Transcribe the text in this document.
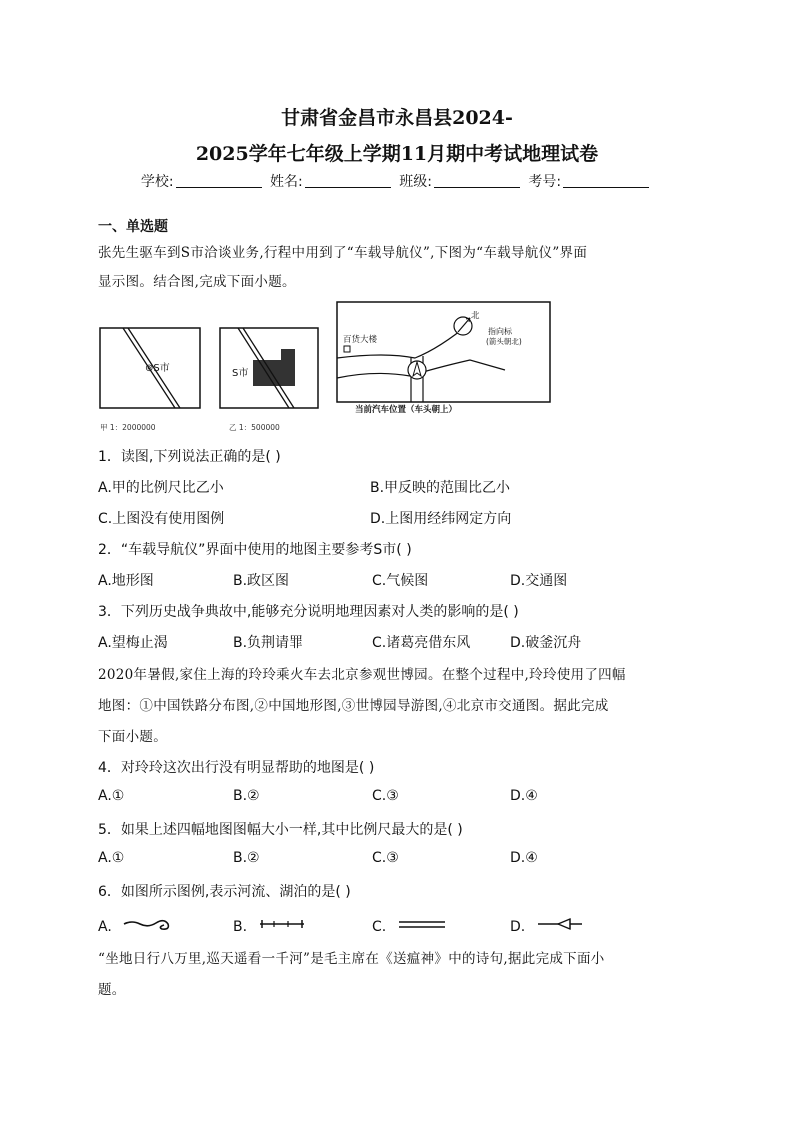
甘肃省金昌市永昌县2024-
2025学年七年级上学期11月期中考试地理试卷
学校:	姓名:	班级:	考号:
一、单选题
张先生驱车到S市洽谈业务,行程中用到了“车载导航仪”,下图为“车载导航仪”界面
显示图。结合图,完成下面小题。
⊚S市
甲 1：2000000
S市
乙 1：500000
百货大楼
北
指向标
(箭头朝北)
当前汽车位置（车头朝上）
1．读图,下列说法正确的是( )
A.甲的比例尺比乙小	B.甲反映的范围比乙小
C.上图没有使用图例	D.上图用经纬网定方向
2．“车载导航仪”界面中使用的地图主要参考S市( )
A.地形图	B.政区图	C.气候图	D.交通图
3．下列历史战争典故中,能够充分说明地理因素对人类的影响的是( )
A.望梅止渴	B.负荆请罪	C.诸葛亮借东风	D.破釜沉舟
2020年暑假,家住上海的玲玲乘火车去北京参观世博园。在整个过程中,玲玲使用了四幅
地图：①中国铁路分布图,②中国地形图,③世博园导游图,④北京市交通图。据此完成
下面小题。
4．对玲玲这次出行没有明显帮助的地图是( )
A.①	B.②	C.③	D.④
5．如果上述四幅地图图幅大小一样,其中比例尺最大的是( )
A.①	B.②	C.③	D.④
6．如图所示图例,表示河流、湖泊的是( )
A.	B.	C.	D.
“坐地日行八万里,巡天遥看一千河”是毛主席在《送瘟神》中的诗句,据此完成下面小
题。
